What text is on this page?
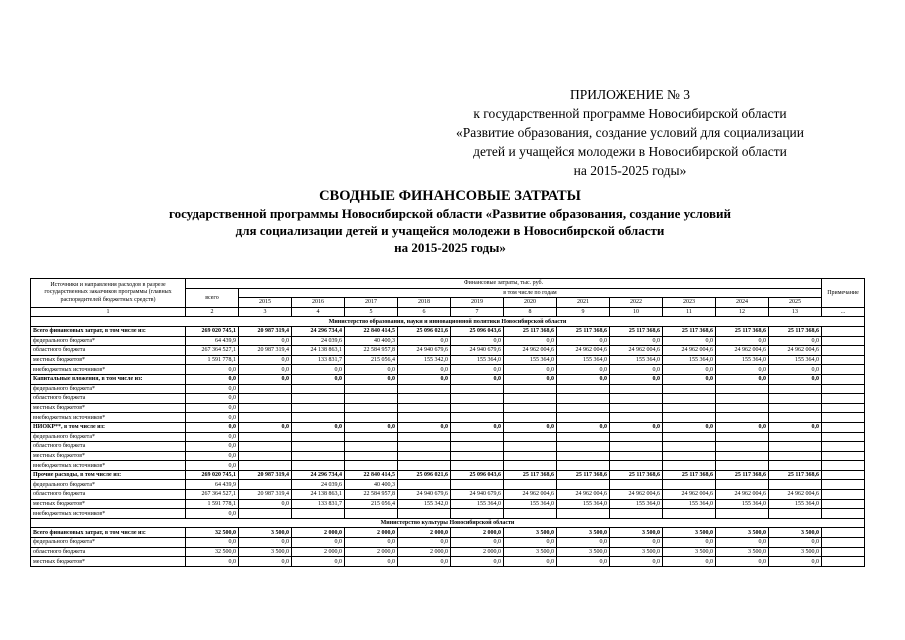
ПРИЛОЖЕНИЕ № 3
к государственной программе Новосибирской области
«Развитие образования, создание условий для социализации
детей и учащейся молодежи в Новосибирской области
на 2015-2025 годы»
СВОДНЫЕ ФИНАНСОВЫЕ ЗАТРАТЫ
государственной программы Новосибирской области «Развитие образования, создание условий
для социализации детей и учащейся молодежи в Новосибирской области
на 2015-2025 годы»
Источники и направления расходов в разрезе государственных заказчиков программы (главных распорядителей бюджетных средств)	Финансовые затраты, тыс. руб.												Примечание
	всего	в том числе по годам											
		2015	2016	2017	2018	2019	2020	2021	2022	2023	2024	2025	
1	2	3	4	5	6	7	8	9	10	11	12	13	...
Министерство образования, науки и инновационной политики Новосибирской области													
Всего финансовых затрат, в том числе из:	269 020 745,1	20 987 319,4	24 296 734,4	22 840 414,5	25 096 021,6	25 096 043,6	25 117 368,6	25 117 368,6	25 117 368,6	25 117 368,6	25 117 368,6	25 117 368,6	
федерального бюджета*	64 439,9	0,0	24 039,6	40 400,3	0,0	0,0	0,0	0,0	0,0	0,0	0,0	0,0	
областного бюджета	267 364 527,1	20 987 319,4	24 138 863,1	22 584 957,8	24 940 679,6	24 940 679,6	24 962 004,6	24 962 004,6	24 962 004,6	24 962 004,6	24 962 004,6	24 962 004,6	
местных бюджетов*	1 591 778,1	0,0	133 831,7	215 056,4	155 342,0	155 364,0	155 364,0	155 364,0	155 364,0	155 364,0	155 364,0	155 364,0	
внебюджетных источников*	0,0	0,0	0,0	0,0	0,0	0,0	0,0	0,0	0,0	0,0	0,0	0,0	
Капитальные вложения, в том числе из:	0,0	0,0	0,0	0,0	0,0	0,0	0,0	0,0	0,0	0,0	0,0	0,0	
федерального бюджета*	0,0												
областного бюджета	0,0												
местных бюджетов*	0,0												
внебюджетных источников*	0,0												
НИОКР**, в том числе из:	0,0	0,0	0,0	0,0	0,0	0,0	0,0	0,0	0,0	0,0	0,0	0,0	
федерального бюджета*	0,0												
областного бюджета	0,0												
местных бюджетов*	0,0												
внебюджетных источников*	0,0												
Прочие расходы, в том числе из:	269 020 745,1	20 987 319,4	24 296 734,4	22 840 414,5	25 096 021,6	25 096 043,6	25 117 368,6	25 117 368,6	25 117 368,6	25 117 368,6	25 117 368,6	25 117 368,6	
федерального бюджета*	64 439,9		24 039,6	40 400,3									
областного бюджета	267 364 527,1	20 987 319,4	24 138 863,1	22 584 957,8	24 940 679,6	24 940 679,6	24 962 004,6	24 962 004,6	24 962 004,6	24 962 004,6	24 962 004,6	24 962 004,6	
местных бюджетов*	1 591 778,1	0,0	133 831,7	215 056,4	155 342,0	155 364,0	155 364,0	155 364,0	155 364,0	155 364,0	155 364,0	155 364,0	
внебюджетных источников*	0,0												
Министерство культуры Новосибирской области													
Всего финансовых затрат, в том числе из:	32 500,0	3 500,0	2 000,0	2 000,0	2 000,0	2 000,0	3 500,0	3 500,0	3 500,0	3 500,0	3 500,0	3 500,0	
федерального бюджета*	0,0	0,0	0,0	0,0	0,0	0,0	0,0	0,0	0,0	0,0	0,0	0,0	
областного бюджета	32 500,0	3 500,0	2 000,0	2 000,0	2 000,0	2 000,0	3 500,0	3 500,0	3 500,0	3 500,0	3 500,0	3 500,0	
местных бюджетов*	0,0	0,0	0,0	0,0	0,0	0,0	0,0	0,0	0,0	0,0	0,0	0,0	
